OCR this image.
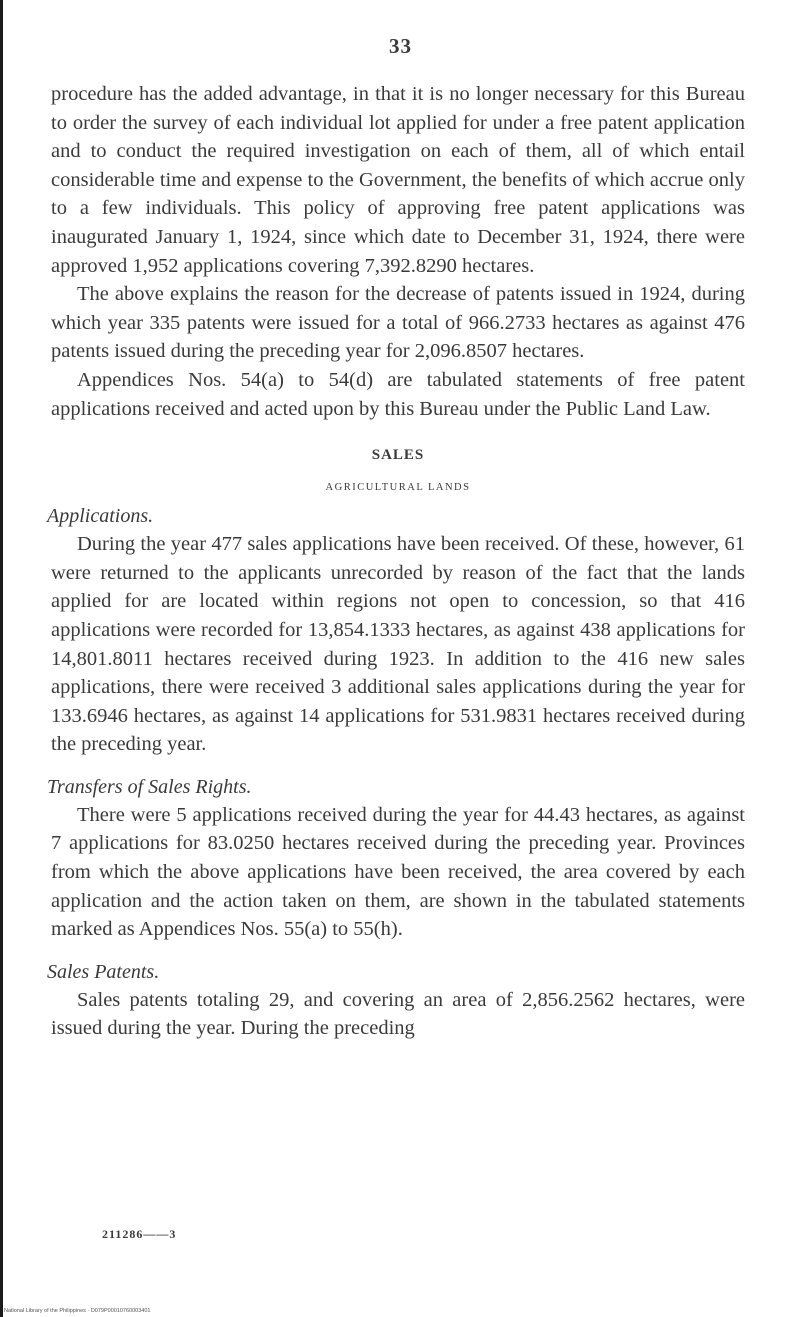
33

procedure has the added advantage, in that it is no longer necessary for this Bureau to order the survey of each individual lot applied for under a free patent application and to conduct the required investigation on each of them, all of which entail considerable time and expense to the Government, the benefits of which accrue only to a few individuals. This policy of approving free patent applications was inaugurated January 1, 1924, since which date to December 31, 1924, there were approved 1,952 applications covering 7,392.8290 hectares.

The above explains the reason for the decrease of patents issued in 1924, during which year 335 patents were issued for a total of 966.2733 hectares as against 476 patents issued during the preceding year for 2,096.8507 hectares.

Appendices Nos. 54(a) to 54(d) are tabulated statements of free patent applications received and acted upon by this Bureau under the Public Land Law.

SALES
AGRICULTURAL LANDS
Applications.

During the year 477 sales applications have been received. Of these, however, 61 were returned to the applicants unrecorded by reason of the fact that the lands applied for are located within regions not open to concession, so that 416 applications were recorded for 13,854.1333 hectares, as against 438 applications for 14,801.8011 hectares received during 1923. In addition to the 416 new sales applications, there were received 3 additional sales applications during the year for 133.6946 hectares, as against 14 applications for 531.9831 hectares received during the preceding year.

Transfers of Sales Rights.

There were 5 applications received during the year for 44.43 hectares, as against 7 applications for 83.0250 hectares received during the preceding year. Provinces from which the above applications have been received, the area covered by each application and the action taken on them, are shown in the tabulated statements marked as Appendices Nos. 55(a) to 55(h).

Sales Patents.

Sales patents totaling 29, and covering an area of 2,856.2562 hectares, were issued during the year. During the preceding

211286——3
National Library of the Philippines · D079P00010760003401
